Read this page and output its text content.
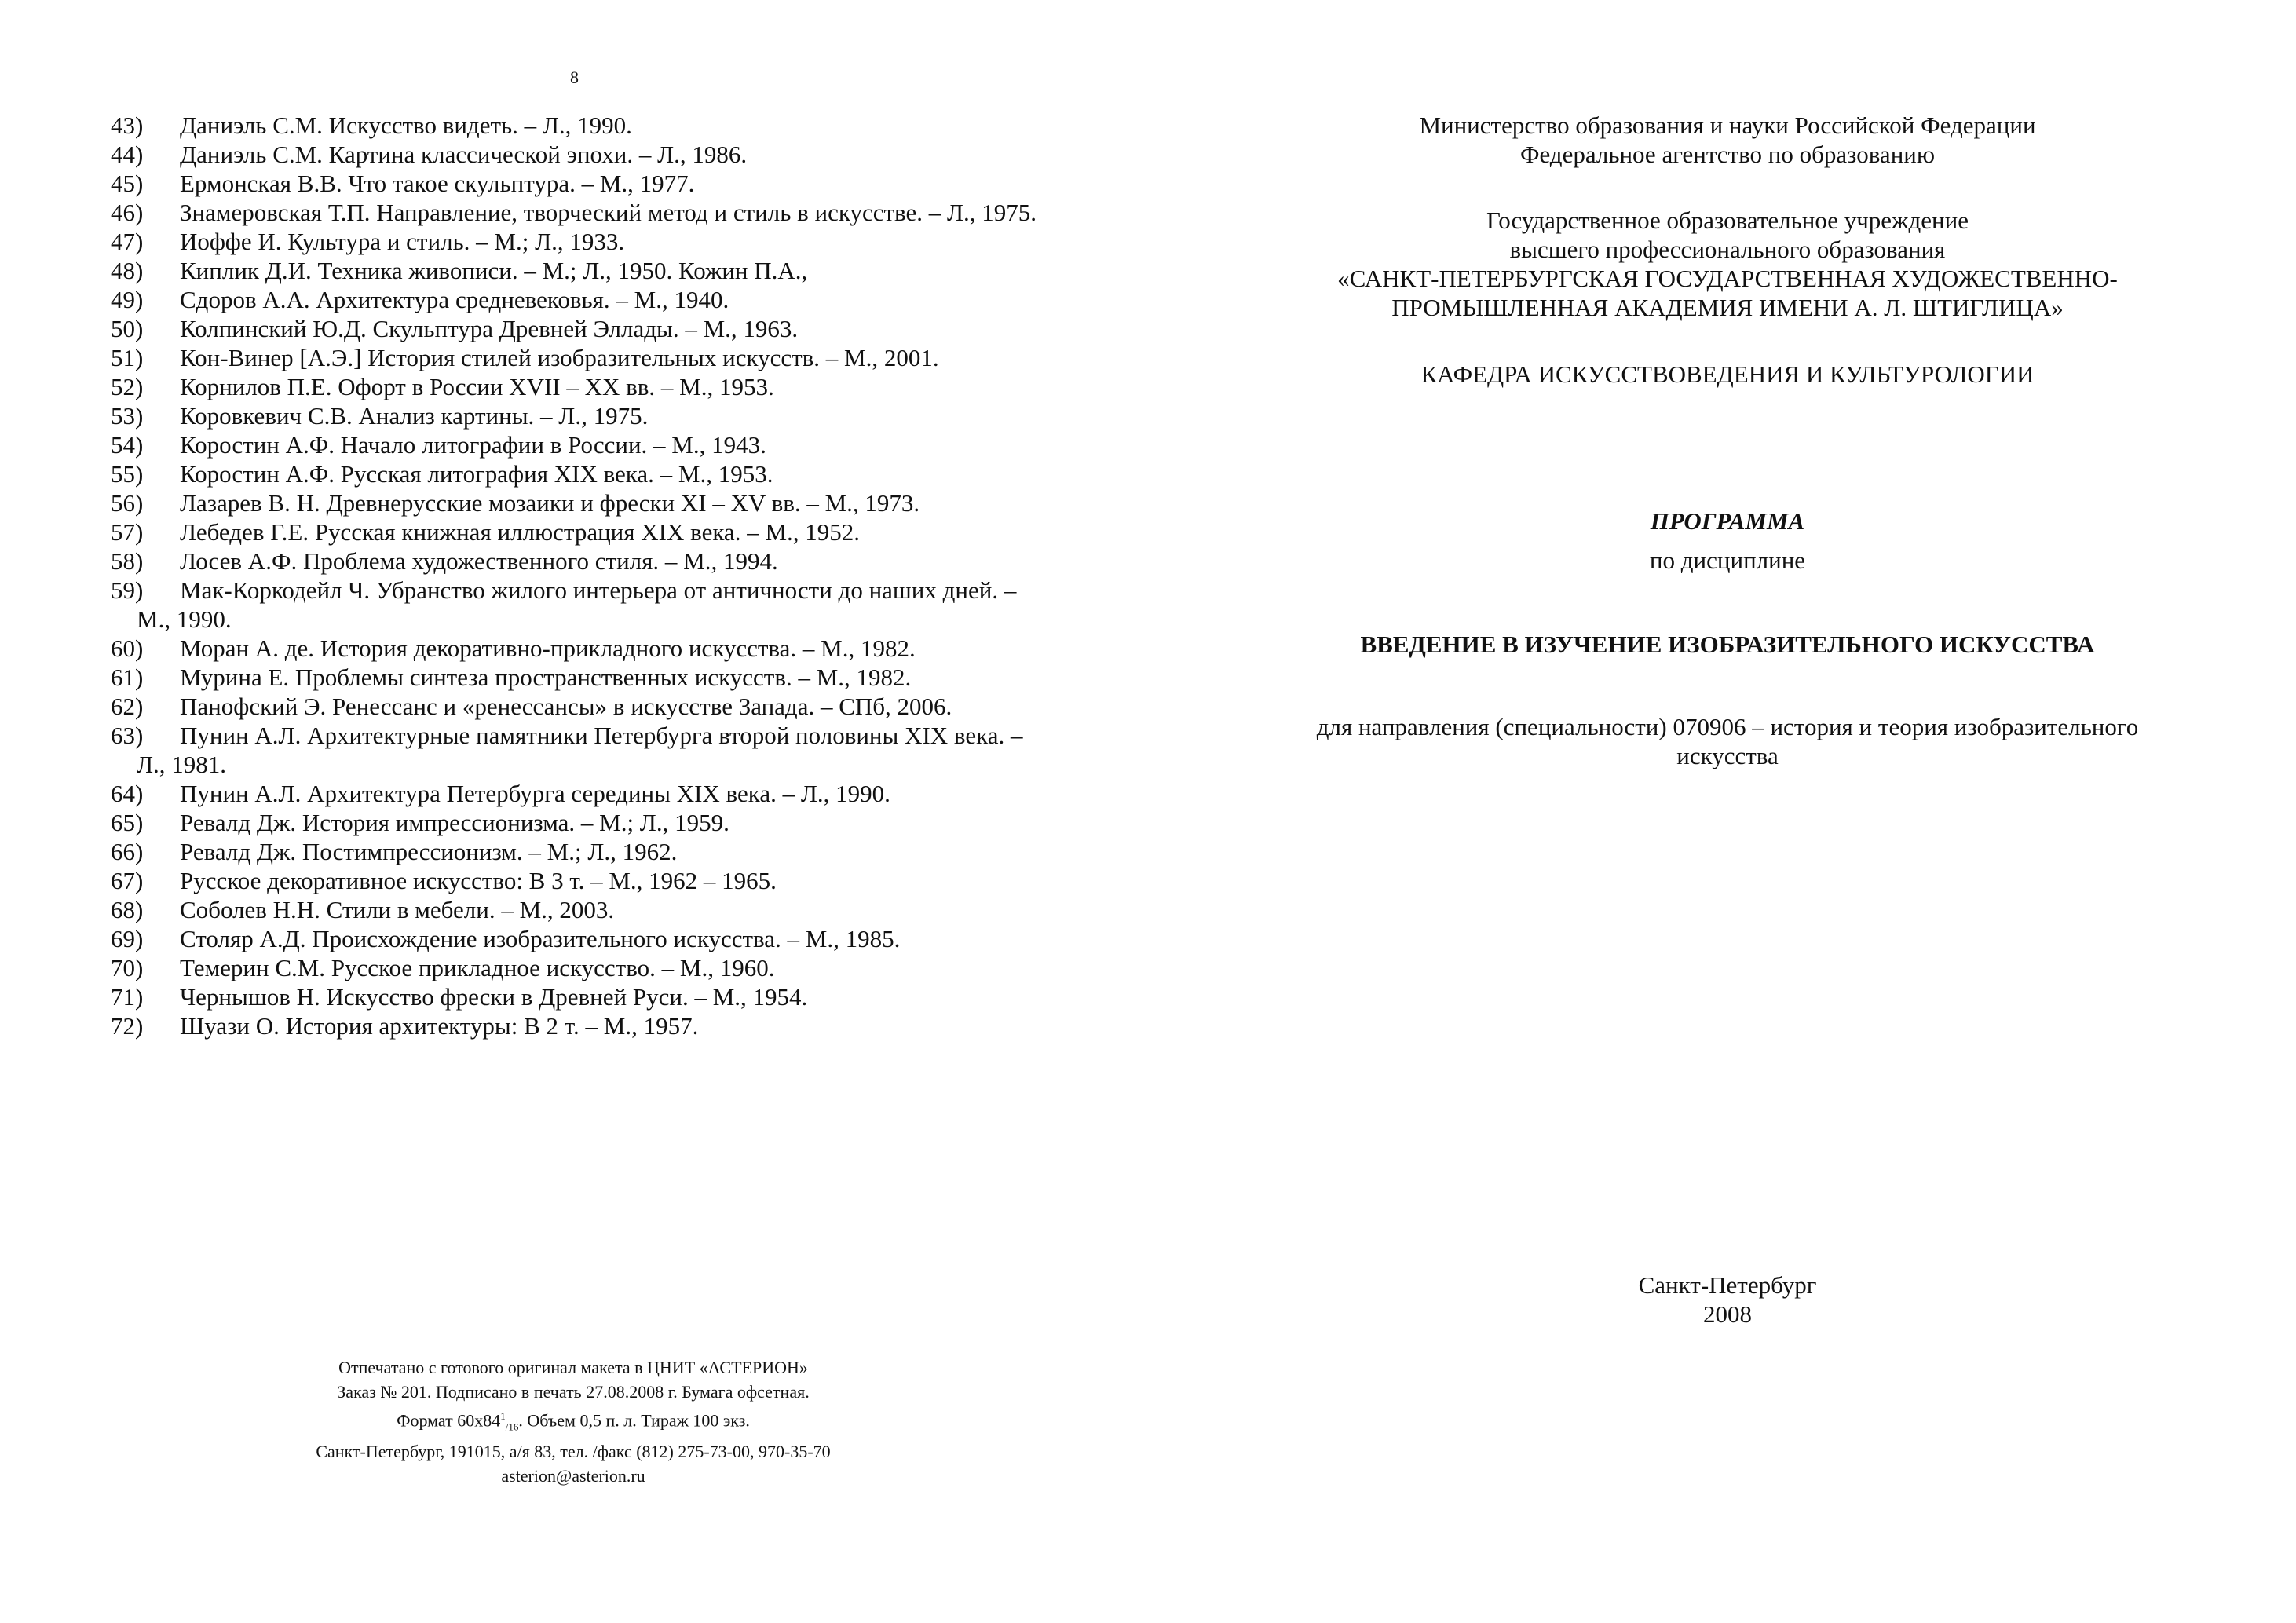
8
43) Даниэль С.М. Искусство видеть. – Л., 1990.
44) Даниэль С.М. Картина классической эпохи. – Л., 1986.
45) Ермонская В.В. Что такое скульптура. – М., 1977.
46) Знамеровская Т.П. Направление, творческий метод и стиль в искусстве. – Л., 1975.
47) Иоффе И. Культура и стиль. – М.; Л., 1933.
48) Киплик Д.И. Техника живописи. – М.; Л., 1950. Кожин П.А.,
49) Сдоров А.А. Архитектура средневековья. – М., 1940.
50) Колпинский Ю.Д. Скульптура Древней Эллады. – М., 1963.
51) Кон-Винер [А.Э.] История стилей изобразительных искусств. – М., 2001.
52) Корнилов П.Е. Офорт в России XVII – XX вв. – М., 1953.
53) Коровкевич С.В. Анализ картины. – Л., 1975.
54) Коростин А.Ф. Начало литографии в России. – М., 1943.
55) Коростин А.Ф. Русская литография XIX века. – М., 1953.
56) Лазарев В. Н. Древнерусские мозаики и фрески XI – XV вв. – М., 1973.
57) Лебедев Г.Е. Русская книжная иллюстрация XIX века. – М., 1952.
58) Лосев А.Ф. Проблема художественного стиля. – М., 1994.
59) Мак-Коркодейл Ч. Убранство жилого интерьера от античности до наших дней. – М., 1990.
60) Моран А. де. История декоративно-прикладного искусства. – М., 1982.
61) Мурина Е. Проблемы синтеза пространственных искусств. – М., 1982.
62) Панофский Э. Ренессанс и «ренессансы» в искусстве Запада. – СПб, 2006.
63) Пунин А.Л. Архитектурные памятники Петербурга второй половины XIX века. – Л., 1981.
64) Пунин А.Л. Архитектура Петербурга середины XIX века. – Л., 1990.
65) Ревалд Дж. История импрессионизма. – М.; Л., 1959.
66) Ревалд Дж. Постимпрессионизм. – М.; Л., 1962.
67) Русское декоративное искусство: В 3 т. – М., 1962 – 1965.
68) Соболев Н.Н. Стили в мебели. – М., 2003.
69) Столяр А.Д. Происхождение изобразительного искусства. – М., 1985.
70) Темерин С.М. Русское прикладное искусство. – М., 1960.
71) Чернышов Н. Искусство фрески в Древней Руси. – М., 1954.
72) Шуази О. История архитектуры: В 2 т. – М., 1957.
Отпечатано с готового оригинал макета в ЦНИТ «АСТЕРИОН»
Заказ № 201. Подписано в печать 27.08.2008 г. Бумага офсетная.
Формат $60х84^1_{/16}$. Объем 0,5 п. л. Тираж 100 экз.
Санкт-Петербург, 191015, а/я 83, тел. /факс (812) 275-73-00, 970-35-70
asterion@asterion.ru
Министерство образования и науки Российской Федерации
Федеральное агентство по образованию
Государственное образовательное учреждение
высшего профессионального образования
«САНКТ-ПЕТЕРБУРГСКАЯ ГОСУДАРСТВЕННАЯ ХУДОЖЕСТВЕННО-
ПРОМЫШЛЕННАЯ АКАДЕМИЯ ИМЕНИ А. Л. ШТИГЛИЦА»
КАФЕДРА ИСКУССТВОВЕДЕНИЯ И КУЛЬТУРОЛОГИИ
ПРОГРАММА
по дисциплине
ВВЕДЕНИЕ В ИЗУЧЕНИЕ ИЗОБРАЗИТЕЛЬНОГО ИСКУССТВА
для направления (специальности) 070906 – история и теория изобразительного
искусства
Санкт-Петербург
2008
